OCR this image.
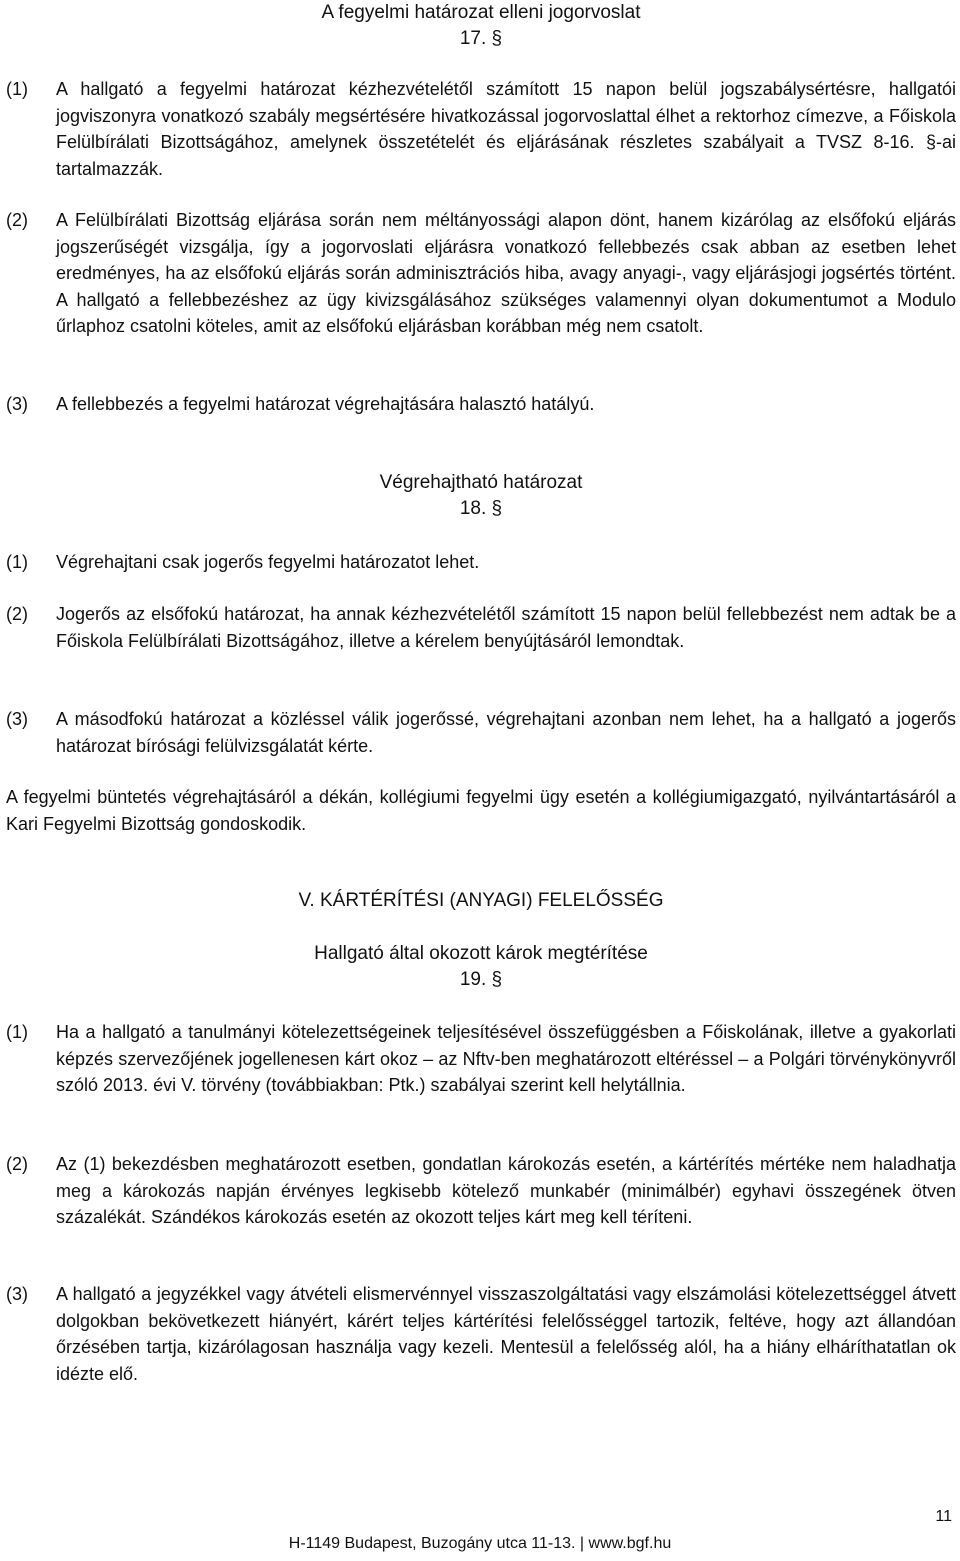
A fegyelmi határozat elleni jogorvoslat
17. §
(1)	A hallgató a fegyelmi határozat kézhezvételétől számított 15 napon belül jogszabálysértésre, hallgatói jogviszonyra vonatkozó szabály megsértésére hivatkozással jogorvoslattal élhet a rektorhoz címezve, a Főiskola Felülbírálati Bizottságához, amelynek összetételét és eljárásának részletes szabályait a TVSZ 8-16. §-ai tartalmazzák.
(2)	A Felülbírálati Bizottság eljárása során nem méltányossági alapon dönt, hanem kizárólag az elsőfokú eljárás jogszerűségét vizsgálja, így a jogorvoslati eljárásra vonatkozó fellebbezés csak abban az esetben lehet eredményes, ha az elsőfokú eljárás során adminisztrációs hiba, avagy anyagi-, vagy eljárásjogi jogsértés történt. A hallgató a fellebbezéshez az ügy kivizsgálásához szükséges valamennyi olyan dokumentumot a Modulo űrlaphoz csatolni köteles, amit az elsőfokú eljárásban korábban még nem csatolt.
(3)	A fellebbezés a fegyelmi határozat végrehajtására halasztó hatályú.
Végrehajtható határozat
18. §
(1)	Végrehajtani csak jogerős fegyelmi határozatot lehet.
(2)	Jogerős az elsőfokú határozat, ha annak kézhezvételétől számított 15 napon belül fellebbezést nem adtak be a Főiskola Felülbírálati Bizottságához, illetve a kérelem benyújtásáról lemondtak.
(3)	A másodfokú határozat a közléssel válik jogerőssé, végrehajtani azonban nem lehet, ha a hallgató a jogerős határozat bírósági felülvizsgálatát kérte.
A fegyelmi büntetés végrehajtásáról a dékán, kollégiumi fegyelmi ügy esetén a kollégiumigazgató, nyilvántartásáról a Kari Fegyelmi Bizottság gondoskodik.
V. KÁRTÉRÍTÉSI (ANYAGI) FELELŐSSÉG
Hallgató által okozott károk megtérítése
19. §
(1)	Ha a hallgató a tanulmányi kötelezettségeinek teljesítésével összefüggésben a Főiskolának, illetve a gyakorlati képzés szervezőjének jogellenesen kárt okoz – az Nftv-ben meghatározott eltéréssel – a Polgári törvénykönyvről szóló 2013. évi V. törvény (továbbiakban: Ptk.) szabályai szerint kell helytállnia.
(2)	Az (1) bekezdésben meghatározott esetben, gondatlan károkozás esetén, a kártérítés mértéke nem haladhatja meg a károkozás napján érvényes legkisebb kötelező munkabér (minimálbér) egyhavi összegének ötven százalékát. Szándékos károkozás esetén az okozott teljes kárt meg kell téríteni.
(3)	A hallgató a jegyzékkel vagy átvételi elismervénnyel visszaszolgáltatási vagy elszámolási kötelezettséggel átvett dolgokban bekövetkezett hiányért, kárért teljes kártérítési felelősséggel tartozik, feltéve, hogy azt állandóan őrzésében tartja, kizárólagosan használja vagy kezeli. Mentesül a felelősség alól, ha a hiány elháríthatatlan ok idézte elő.
11
H-1149 Budapest, Buzogány utca 11-13. | www.bgf.hu
